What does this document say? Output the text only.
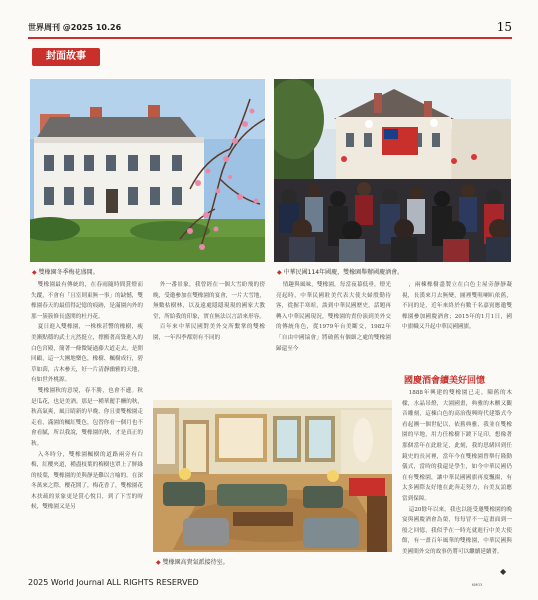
世界周刊 @2025 10.26	15
封面故事
◆ 雙橡園冬季梅花盛開。	◆ 中華民國114年國慶，雙橡園舉辦國慶酒會。
◆ 雙橡園高貴氣派接待室。

雙橡園最有傳統的，在春雨隨時間賞燈而失蹤，不會有「且室則東無一事」的缺憾，雙橡園春天的最值得記憶的痕跡，是滿園內外的那一簇簇修長盛開的杜丹花。

夏日進入雙橡園，一株株甚響的橡樹，瘦美漸點穩的武士亢然挺立，撑搬著高聳進入的白色宮殿，簡著一條微疑過藤大道走去，是開回顧，這一大團地樂色，橡樹、楓樹成行，碧草如茵，古木參天，好一片清靜幽雅的天地，有如世外桃源。

雙橡園秋的意境，春不勝，也會不遜。秋是瓜花，也是美酒。那是一種華麗手酬的秋，秋高氣爽，風日睛新的早晚，你且要雙橡園走走看，滿園的楓紅雙色，包習你看一個月也不會看膩，所以我說，雙橡園的秋，才是真正的秋。

入冬時分，雙橡園楓樹的道路兩旁有白梅，紅櫻夾道，種盡枝葉的梅樹也罩上了鮮綠的枝葉，雙橡園的美與靜是難以言喻的。在深冬萬來之際，櫻花開了，梅花香了，雙橡園花木扶疏的景象更是賞心悅目，到了下雪的時候，雙橡園又是另

外一番景象，我曾經在一個大雪紛飛的傍晚，受邀參加在雙橡園的宴會，一片大雪地，無數枯樹林，以及遠處隱隱現現的國家大教堂，所給我的印象，實在無法以言語來形容。

百年來中華民國對美外交所繫掌的雙橡園，一年四季都別有不同的

情趣與風味，雙橡園，每當夜幕低垂，燈光亮起時，中華民國駐美代表大使夫婦殷勤待客，從握手寒暄，談到中華民國歷史，話題再轉入中華民國現況，雙橡園的責份演到美外交的傳統角色，從1979年台美斷交，1982年「自由中國協會」將破舊有個細之處的雙橡園歸還至今

，兩棟橡樹盡製立在白色主屋旁靜靜凝視，長漢來月去無變，圖裡雙咀喇叭依舊，不同的是，近年來終於有數千名嘉賓應邀雙橡園參加國慶酒會；2015年的1月1日，國中旗幟又升起中華民國國旗。

國慶酒會續美好回憶

1888年興建的雙橡園已走，陳舊的木樑，水晶吊燈，大園國畫，典雅的木櫃又觀音雕刻，這棟白色的高治復興時代建築式今看起團一個世紀以，依舊典雅，我並在雙橡園的早地，用力任橡樹下踱下足印，想像著那個當年在此駐足，此刻，我的思緒回到任鏡史的長河裡，當年今在雙橡園曾舉行隆動儀式，當時的我還是學生，如今中華民國仍在有雙橡園，讓中華民國國旗再度飄揚，有太多國際友好地在此奔走努力，台美友誼應當到保障。

這20餘年以來，我也以能受邀雙橡園的晚宴與國慶酒會為榮，每每冒不一這畫面到一般之回憶，我似乎在一時光就進行中美大使館，有一畫百年風華的雙橡園，中華民國與美國間外交的故事仍將可以繼續延續著。

◆
2025 World Journal ALL RIGHTS RESERVED	KMO3
